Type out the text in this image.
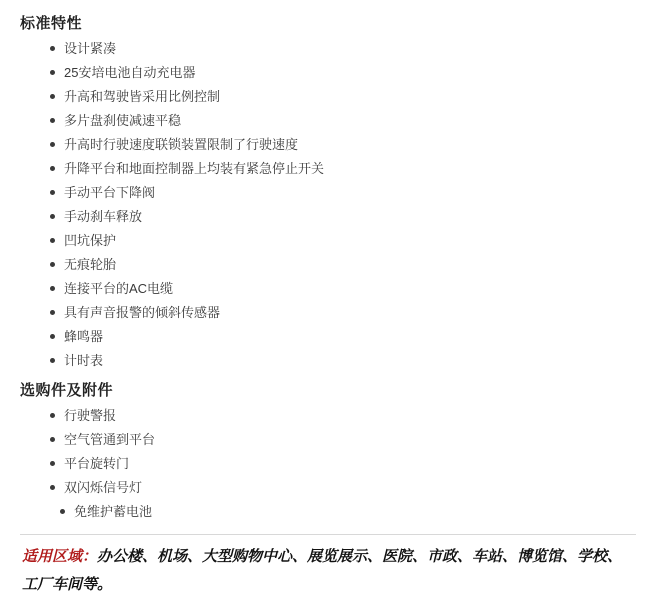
标准特性
设计紧凑
25安培电池自动充电器
升高和驾驶皆采用比例控制
多片盘刹使减速平稳
升高时行驶速度联锁装置限制了行驶速度
升降平台和地面控制器上均装有紧急停止开关
手动平台下降阀
手动刹车释放
凹坑保护
无痕轮胎
连接平台的AC电缆
具有声音报警的倾斜传感器
蜂鸣器
计时表
选购件及附件
行驶警报
空气管通到平台
平台旋转门
双闪烁信号灯
免维护蓄电池
适用区域：办公楼、机场、大型购物中心、展览展示、医院、市政、车站、博览馆、学校、工厂车间等。
